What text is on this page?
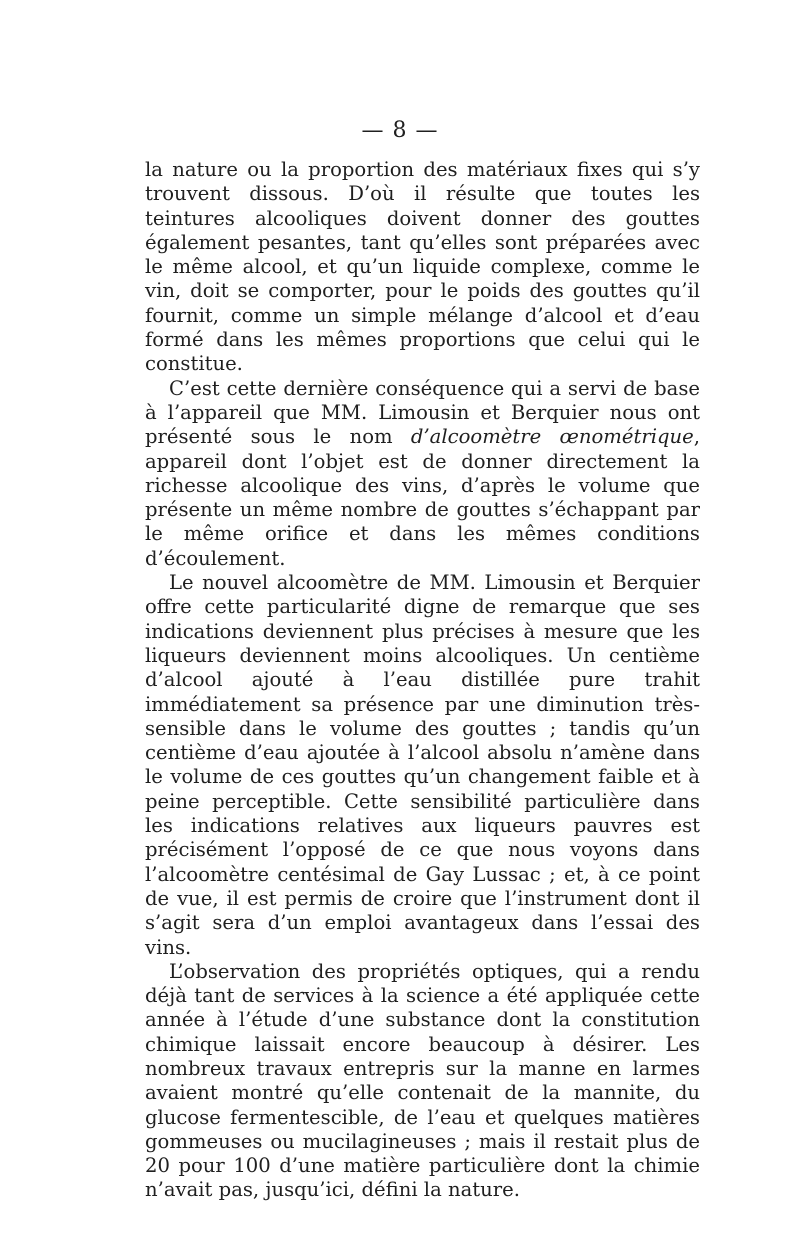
— 8 —

la nature ou la proportion des matériaux fixes qui s’y trouvent dissous. D’où il résulte que toutes les teintures alcooliques doivent donner des gouttes également pesantes, tant qu’elles sont préparées avec le même alcool, et qu’un liquide complexe, comme le vin, doit se comporter, pour le poids des gouttes qu’il fournit, comme un simple mélange d’alcool et d’eau formé dans les mêmes proportions que celui qui le constitue.

C’est cette dernière conséquence qui a servi de base à l’appareil que MM. Limousin et Berquier nous ont présenté sous le nom d’alcoomètre œnométrique, appareil dont l’objet est de donner directement la richesse alcoolique des vins, d’après le volume que présente un même nombre de gouttes s’échappant par le même orifice et dans les mêmes conditions d’écoulement.

Le nouvel alcoomètre de MM. Limousin et Berquier offre cette particularité digne de remarque que ses indications deviennent plus précises à mesure que les liqueurs deviennent moins alcooliques. Un centième d’alcool ajouté à l’eau distillée pure trahit immédiatement sa présence par une diminution très-sensible dans le volume des gouttes ; tandis qu’un centième d’eau ajoutée à l’alcool absolu n’amène dans le volume de ces gouttes qu’un changement faible et à peine perceptible. Cette sensibilité particulière dans les indications relatives aux liqueurs pauvres est précisément l’opposé de ce que nous voyons dans l’alcoomètre centésimal de Gay Lussac ; et, à ce point de vue, il est permis de croire que l’instrument dont il s’agit sera d’un emploi avantageux dans l’essai des vins.

L’observation des propriétés optiques, qui a rendu déjà tant de services à la science a été appliquée cette année à l’étude d’une substance dont la constitution chimique laissait encore beaucoup à désirer. Les nombreux travaux entrepris sur la manne en larmes avaient montré qu’elle contenait de la mannite, du glucose fermentescible, de l’eau et quelques matières gommeuses ou mucilagineuses ; mais il restait plus de 20 pour 100 d’une matière particulière dont la chimie n’avait pas, jusqu’ici, défini la nature.
